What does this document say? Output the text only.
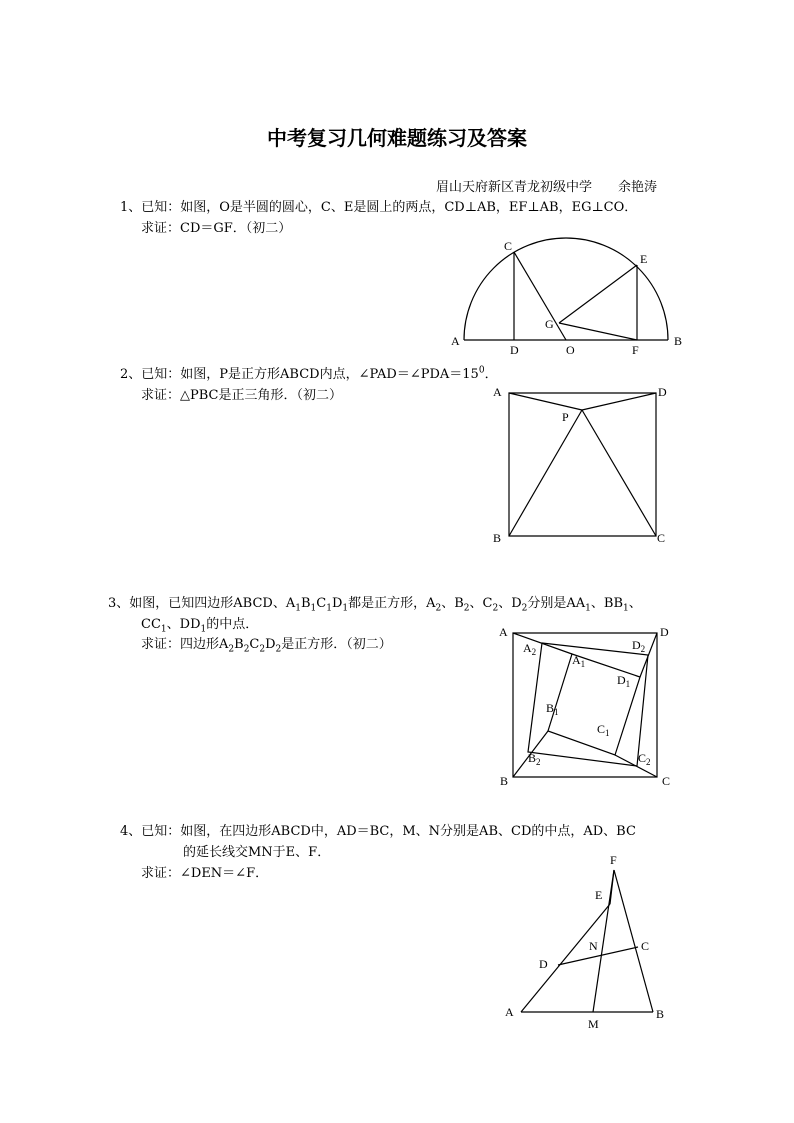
中考复习几何难题练习及答案
眉山天府新区青龙初级中学　　余艳涛
1、已知：如图，O是半圆的圆心，C、E是圆上的两点，CD⊥AB，EF⊥AB，EG⊥CO．
求证：CD＝GF．（初二）
A	B
C
D
E
F
G
O
2、已知：如图，P是正方形ABCD内点，$\angle PAD=\angle PDA=15^0$．
求证：△PBC是正三角形．（初二）	A	D
B	C
P
3、如图，已知四边形ABCD、$A_1B_1C_1D_1$都是正方形，$A_2$、$B_2$、$C_2$、$D_2$分别是$AA_1$、$BB_1$、
$CC_1$、$DD_1$的中点．
求证：四边形$A_2B_2C_2D_2$是正方形．（初二）
A	D
B	C
$A_2$
$A_1$
$D_2$
$D_1$
$B_1$
$C_1$
$B_2$	$C_2$
4、已知：如图，在四边形ABCD中，AD＝BC，M、N分别是AB、CD的中点，AD、BC
的延长线交MN于E、F．
求证：∠DEN＝∠F．
A	B
C
D
E
F
M
N
